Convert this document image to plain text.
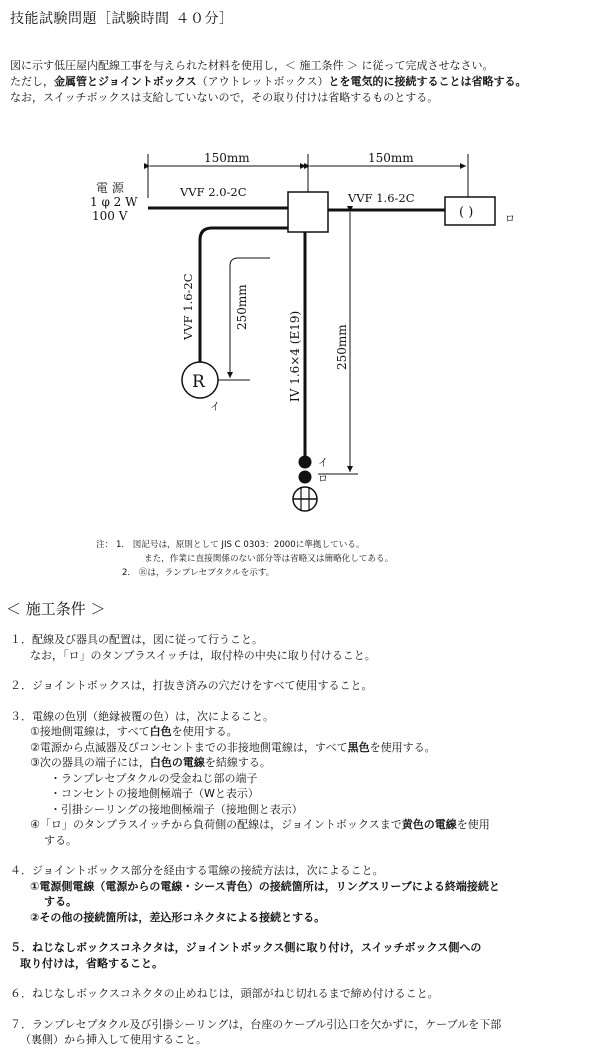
技能試験問題［試験時間 ４０分］

図に示す低圧屋内配線工事を与えられた材料を使用し，＜ 施工条件 ＞ に従って完成させなさい。

ただし，金属管とジョイントボックス（アウトレットボックス）とを電気的に接続することは省略する。

なお，スイッチボックスは支給していないので，その取り付けは省略するものとする。

150mm	150mm
電 源
1 φ 2 W
100 V
VVF 2.0-2C	VVF 1.6-2C
VVF 1.6-2C
( )	ロ
250mm
R
イ
IV 1.6×4 (E19)	250mm
イ
ロ
注： 1． 図記号は，原則として JIS C 0303：2000に準拠している。
また，作業に直接関係のない部分等は省略又は簡略化してある。
2． Ⓡは，ランプレセプタクルを示す。
＜ 施工条件 ＞
１．配線及び器具の配置は，図に従って行うこと。
なお，「ロ」のタンブラスイッチは，取付枠の中央に取り付けること。
２．ジョイントボックスは，打抜き済みの穴だけをすべて使用すること。
３．電線の色別（絶縁被覆の色）は，次によること。
①接地側電線は，すべて白色を使用する。
②電源から点滅器及びコンセントまでの非接地側電線は，すべて黒色を使用する。
③次の器具の端子には，白色の電線を結線する。
・ランプレセプタクルの受金ねじ部の端子
・コンセントの接地側極端子（Wと表示）
・引掛シーリングの接地側極端子（接地側と表示）
④「ロ」のタンブラスイッチから負荷側の配線は，ジョイントボックスまで黄色の電線を使用
する。
４．ジョイントボックス部分を経由する電線の接続方法は，次によること。
①電源側電線（電源からの電線・シース青色）の接続箇所は，リングスリーブによる終端接続と
する。
②その他の接続箇所は，差込形コネクタによる接続とする。
５．ねじなしボックスコネクタは，ジョイントボックス側に取り付け，スイッチボックス側への
取り付けは，省略すること。
６．ねじなしボックスコネクタの止めねじは，頭部がねじ切れるまで締め付けること。
７．ランプレセプタクル及び引掛シーリングは，台座のケーブル引込口を欠かずに，ケーブルを下部
（裏側）から挿入して使用すること。
